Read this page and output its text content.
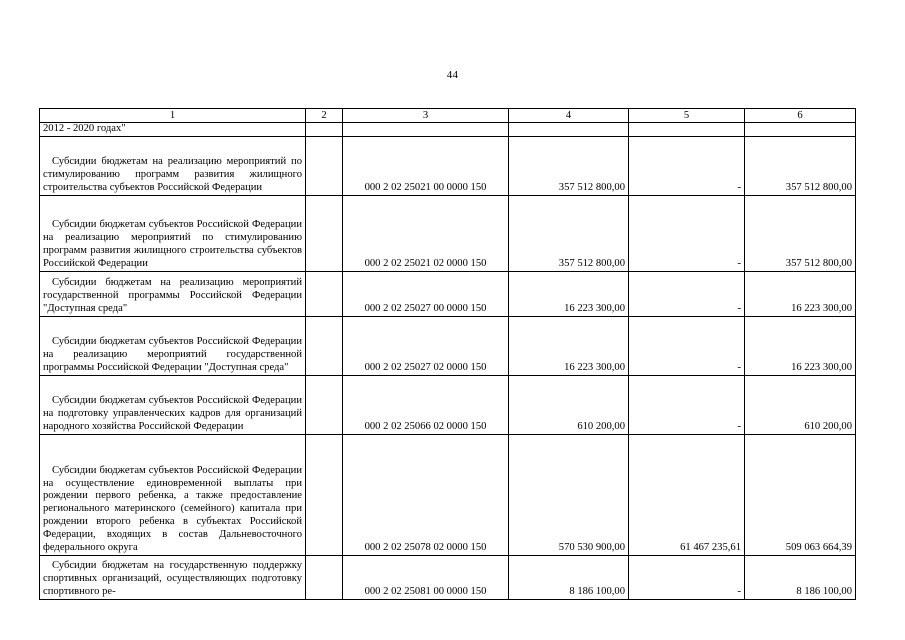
44
1	2	3	4	5	6
2012 - 2020 годах"					
Субсидии бюджетам на реализацию мероприятий по стимулированию программ развития жилищного строительства субъектов Российской Федерации		000 2 02 25021 00 0000 150	357 512 800,00	-	357 512 800,00
Субсидии бюджетам субъектов Российской Федерации на реализацию мероприятий по стимулированию программ развития жилищного строительства субъектов Российской Федерации		000 2 02 25021 02 0000 150	357 512 800,00	-	357 512 800,00
Субсидии бюджетам на реализацию мероприятий государственной программы Российской Федерации "Доступная среда"		000 2 02 25027 00 0000 150	16 223 300,00	-	16 223 300,00
Субсидии бюджетам субъектов Российской Федерации на реализацию мероприятий государственной программы Российской Федерации "Доступная среда"		000 2 02 25027 02 0000 150	16 223 300,00	-	16 223 300,00
Субсидии бюджетам субъектов Российской Федерации на подготовку управленческих кадров для организаций народного хозяйства Российской Федерации		000 2 02 25066 02 0000 150	610 200,00	-	610 200,00
Субсидии бюджетам субъектов Российской Федерации на осуществление единовременной выплаты при рождении первого ребенка, а также предоставление регионального материнского (семейного) капитала при рождении второго ребенка в субъектах Российской Федерации, входящих в состав Дальневосточного федерального округа		000 2 02 25078 02 0000 150	570 530 900,00	61 467 235,61	509 063 664,39
Субсидии бюджетам на государственную поддержку спортивных организаций, осуществляющих подготовку спортивного ре-		000 2 02 25081 00 0000 150	8 186 100,00	-	8 186 100,00
